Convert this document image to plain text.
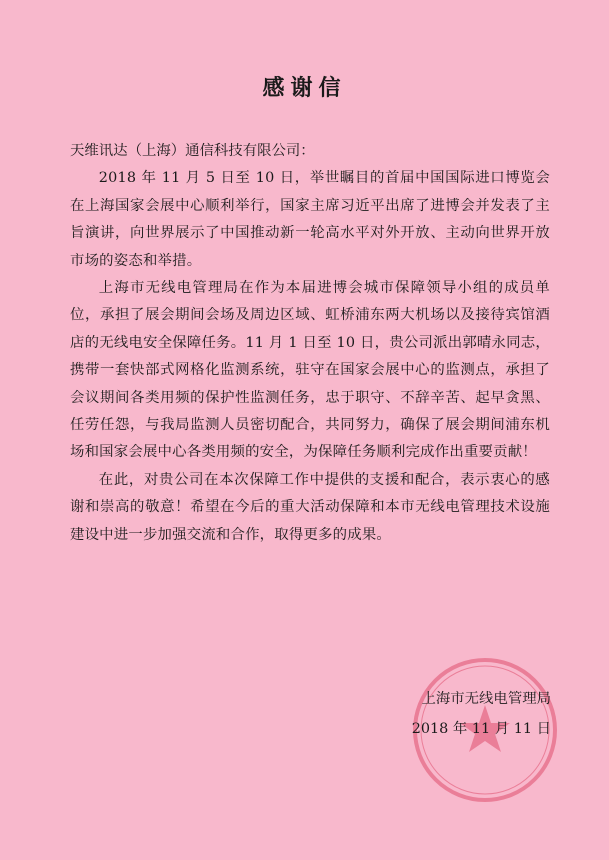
感谢信

天维讯达（上海）通信科技有限公司：

2018 年 11 月 5 日至 10 日，举世瞩目的首届中国国际进口博览会在上海国家会展中心顺利举行，国家主席习近平出席了进博会并发表了主旨演讲，向世界展示了中国推动新一轮高水平对外开放、主动向世界开放市场的姿态和举措。

上海市无线电管理局在作为本届进博会城市保障领导小组的成员单位，承担了展会期间会场及周边区域、虹桥浦东两大机场以及接待宾馆酒店的无线电安全保障任务。11 月 1 日至 10 日，贵公司派出郭晴永同志，携带一套快部式网格化监测系统，驻守在国家会展中心的监测点，承担了会议期间各类用频的保护性监测任务，忠于职守、不辞辛苦、起早贪黑、任劳任怨，与我局监测人员密切配合，共同努力，确保了展会期间浦东机场和国家会展中心各类用频的安全，为保障任务顺利完成作出重要贡献！

在此，对贵公司在本次保障工作中提供的支援和配合，表示衷心的感谢和崇高的敬意！希望在今后的重大活动保障和本市无线电管理技术设施建设中进一步加强交流和合作，取得更多的成果。

上海市无线电管理局
2018 年 11 月 11 日
